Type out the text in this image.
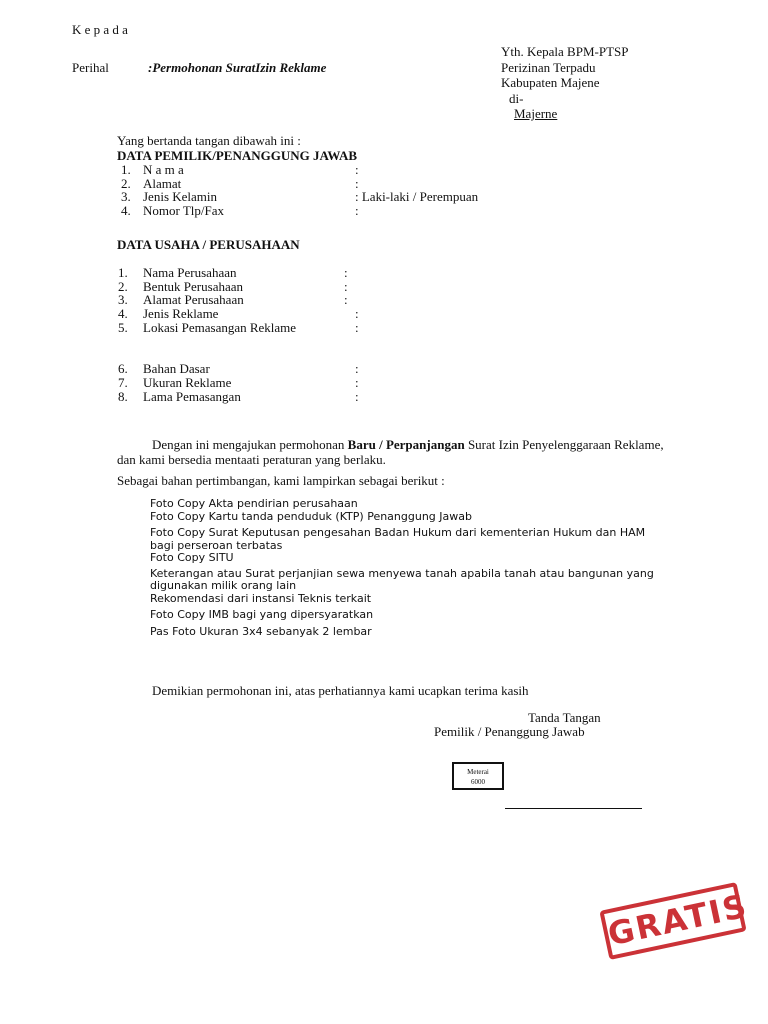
K e p a d a
Perihal	:Permohonan SuratIzin Reklame
Yth. Kepala BPM-PTSP
Perizinan Terpadu
Kabupaten Majene
di-
Majerne
Yang bertanda tangan dibawah ini :
DATA PEMILIK/PENANGGUNG JAWAB
1. N a m a	:
2. Alamat	:
3. Jenis Kelamin	: Laki-laki / Perempuan
4. Nomor Tlp/Fax	:
DATA USAHA / PERUSAHAAN
1. Nama Perusahaan	:
2. Bentuk Perusahaan	:
3. Alamat Perusahaan	:
4. Jenis Reklame	:
5. Lokasi Pemasangan Reklame	:
6. Bahan Dasar	:
7. Ukuran Reklame	:
8. Lama Pemasangan	:
Dengan ini mengajukan permohonan Baru / Perpanjangan Surat Izin Penyelenggaraan Reklame,
dan kami bersedia mentaati peraturan yang berlaku.
Sebagai bahan pertimbangan, kami lampirkan sebagai berikut :
Foto Copy Akta pendirian perusahaan
Foto Copy Kartu tanda penduduk (KTP) Penanggung Jawab
Foto Copy Surat Keputusan pengesahan Badan Hukum dari kementerian Hukum dan HAM
bagi perseroan terbatas
Foto Copy SITU
Keterangan atau Surat perjanjian sewa menyewa tanah apabila tanah atau bangunan yang
digunakan milik orang lain
Rekomendasi dari instansi Teknis terkait
Foto Copy IMB bagi yang dipersyaratkan
Pas Foto Ukuran 3x4 sebanyak 2 lembar
Demikian permohonan ini, atas perhatiannya kami ucapkan terima kasih
Tanda Tangan
Pemilik / Penanggung Jawab
Meterai
6000
GRATIS
